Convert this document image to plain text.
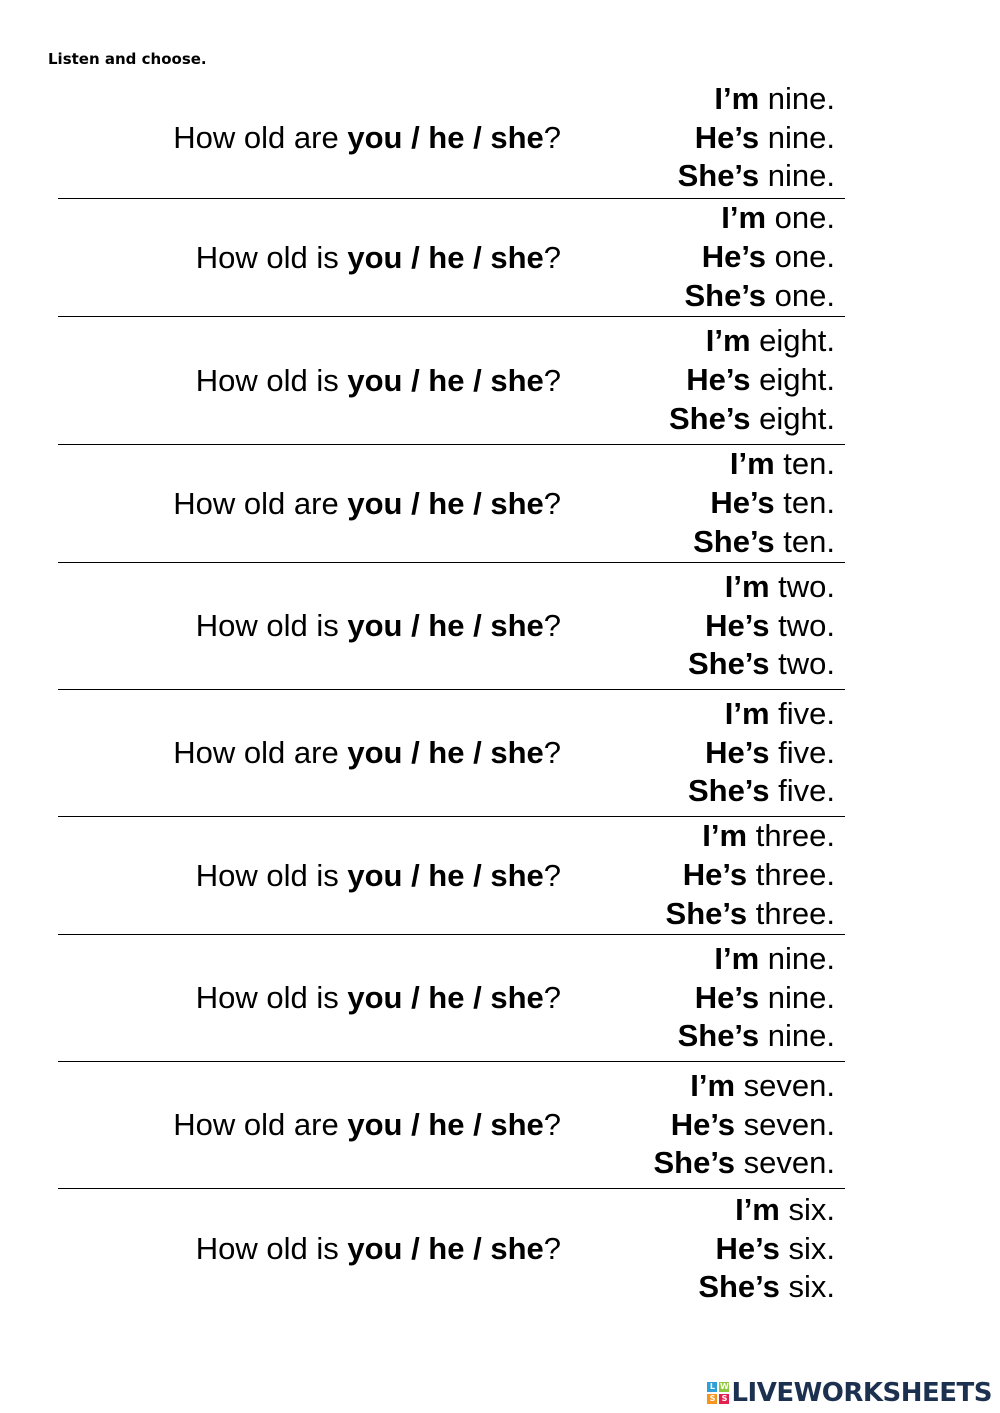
Listen and choose.
How old are you / he / she?
I’m nine.
He’s nine.
She’s nine.
How old is you / he / she?
I’m one.
He’s one.
She’s one.
How old is you / he / she?
I’m eight.
He’s eight.
She’s eight.
How old are you / he / she?
I’m ten.
He’s ten.
She’s ten.
How old is you / he / she?
I’m two.
He’s two.
She’s two.
How old are you / he / she?
I’m five.
He’s five.
She’s five.
How old is you / he / she?
I’m three.
He’s three.
She’s three.
How old is you / he / she?
I’m nine.
He’s nine.
She’s nine.
How old are you / he / she?
I’m seven.
He’s seven.
She’s seven.
How old is you / he / she?
I’m six.
He’s six.
She’s six.
L W
S S LIVEWORKSHEETS
